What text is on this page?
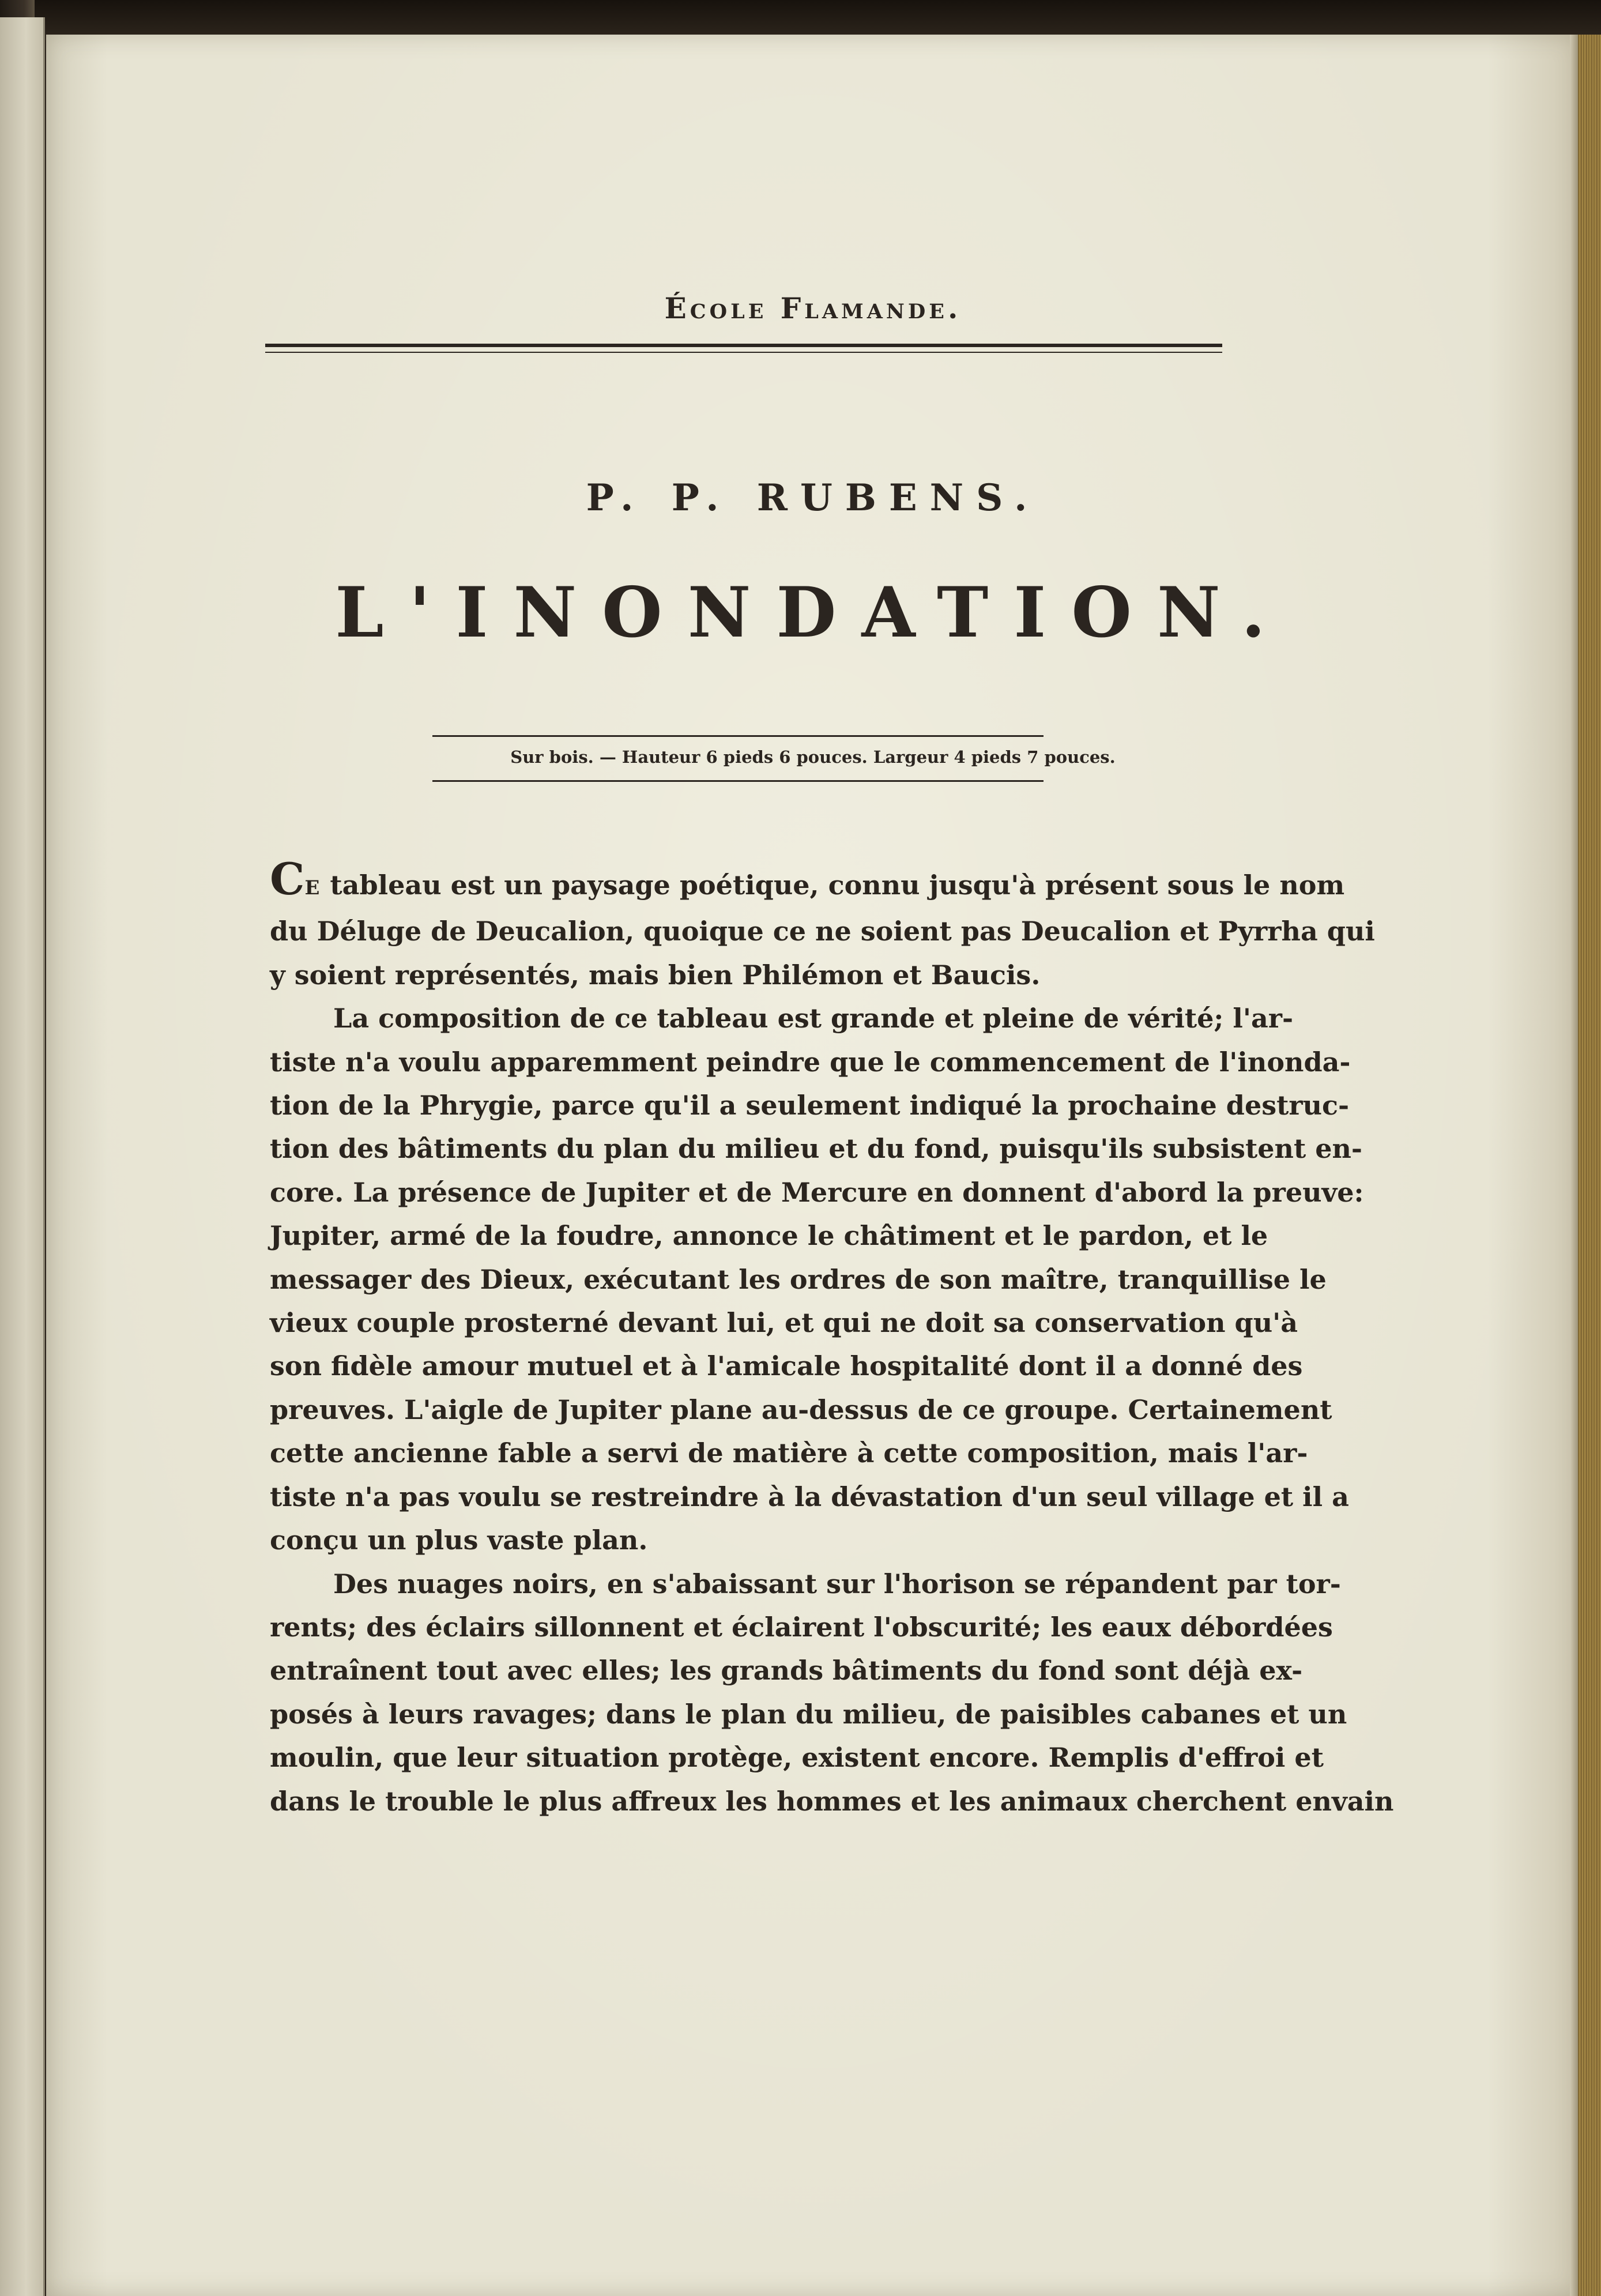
École Flamande.
P. P. RUBENS.
L'INONDATION.

Sur bois. — Hauteur 6 pieds 6 pouces. Largeur 4 pieds 7 pouces.

CE tableau est un paysage poétique, connu jusqu'à présent sous le nom
du Déluge de Deucalion, quoique ce ne soient pas Deucalion et Pyrrha qui
y soient représentés, mais bien Philémon et Baucis.

La composition de ce tableau est grande et pleine de vérité; l'ar-
tiste n'a voulu apparemment peindre que le commencement de l'inonda-
tion de la Phrygie, parce qu'il a seulement indiqué la prochaine destruc-
tion des bâtiments du plan du milieu et du fond, puisqu'ils subsistent en-
core. La présence de Jupiter et de Mercure en donnent d'abord la preuve:
Jupiter, armé de la foudre, annonce le châtiment et le pardon, et le
messager des Dieux, exécutant les ordres de son maître, tranquillise le
vieux couple prosterné devant lui, et qui ne doit sa conservation qu'à
son fidèle amour mutuel et à l'amicale hospitalité dont il a donné des
preuves. L'aigle de Jupiter plane au-dessus de ce groupe. Certainement
cette ancienne fable a servi de matière à cette composition, mais l'ar-
tiste n'a pas voulu se restreindre à la dévastation d'un seul village et il a
conçu un plus vaste plan.

Des nuages noirs, en s'abaissant sur l'horison se répandent par tor-
rents; des éclairs sillonnent et éclairent l'obscurité; les eaux débordées
entraînent tout avec elles; les grands bâtiments du fond sont déjà ex-
posés à leurs ravages; dans le plan du milieu, de paisibles cabanes et un
moulin, que leur situation protège, existent encore. Remplis d'effroi et
dans le trouble le plus affreux les hommes et les animaux cherchent envain
